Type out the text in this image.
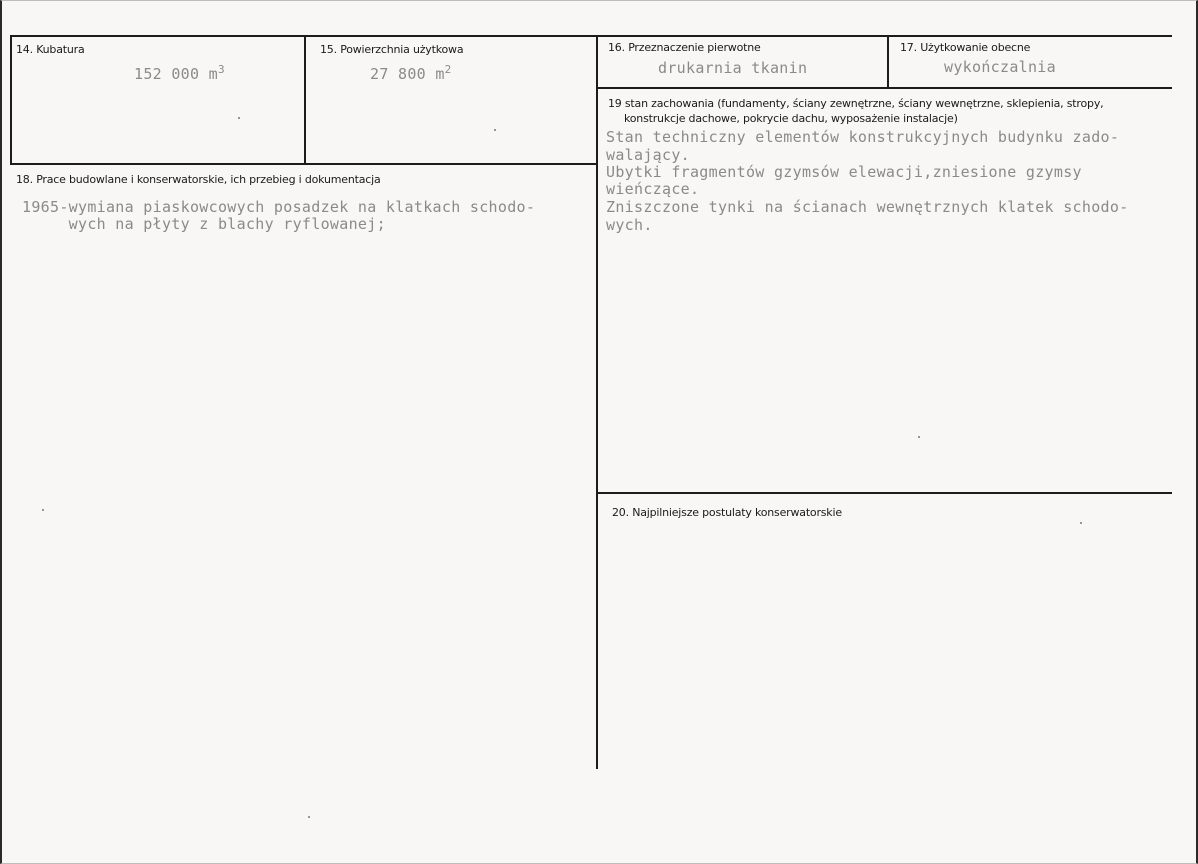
14. Kubatura
152 000 $m^3$
15. Powierzchnia użytkowa
27 800 $m^2$
16. Przeznaczenie pierwotne
drukarnia tkanin
17. Użytkowanie obecne
wykończalnia
19 stan zachowania (fundamenty, ściany zewnętrzne, ściany wewnętrzne, sklepienia, stropy,
konstrukcje dachowe, pokrycie dachu, wyposażenie instalacje)
Stan techniczny elementów konstrukcyjnych budynku zado-
walający.
Ubytki fragmentów gzymsów elewacji,zniesione gzymsy
wieńczące.
Zniszczone tynki na ścianach wewnętrznych klatek schodo-
wych.
18. Prace budowlane i konserwatorskie, ich przebieg i dokumentacja
1965-wymiana piaskowcowych posadzek na klatkach schodo-
wych na płyty z blachy ryflowanej;
20. Najpilniejsze postulaty konserwatorskie
